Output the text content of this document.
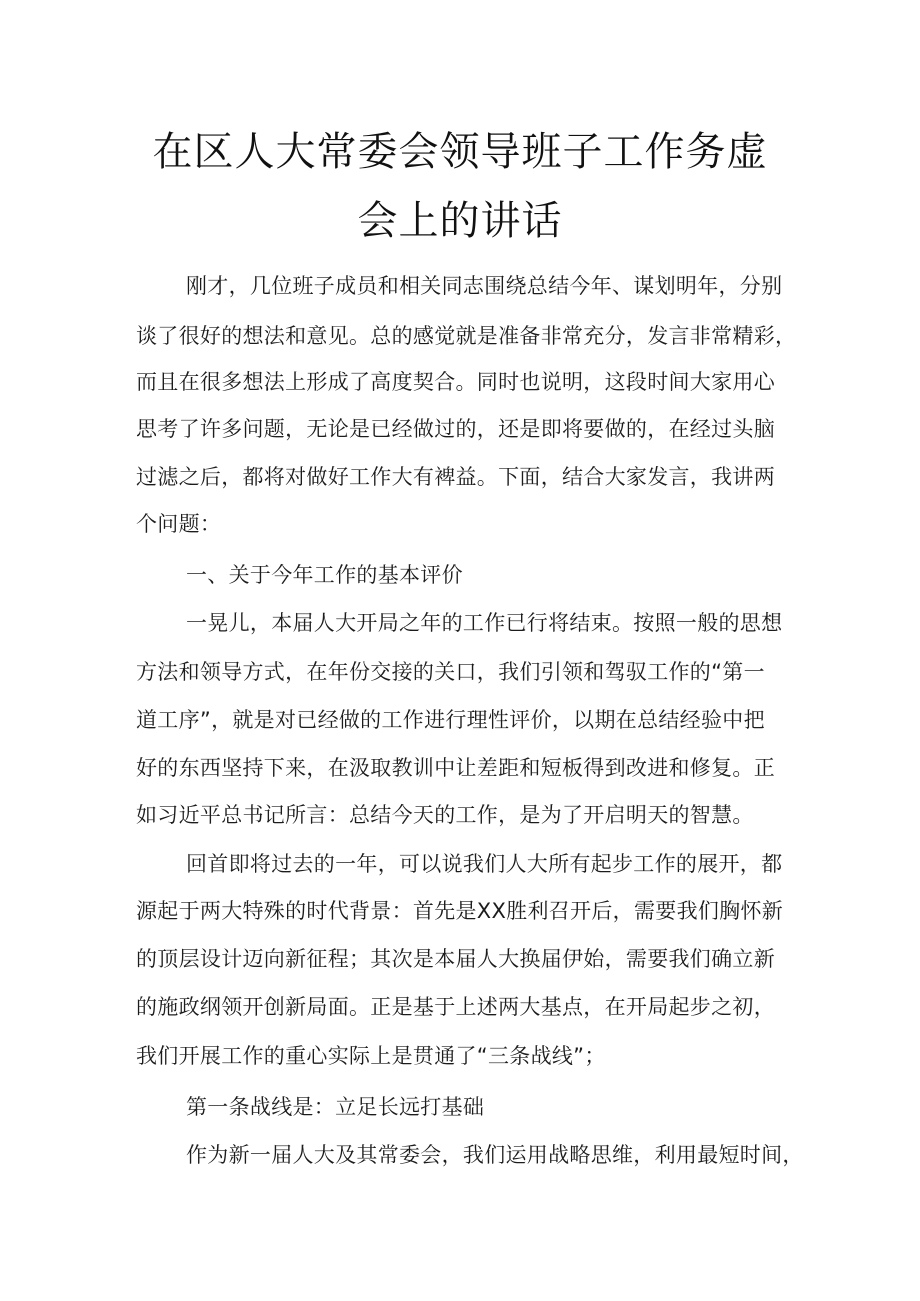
在区人大常委会领导班子工作务虚
会上的讲话
刚才，几位班子成员和相关同志围绕总结今年、谋划明年，分别
谈了很好的想法和意见。总的感觉就是准备非常充分，发言非常精彩，
而且在很多想法上形成了高度契合。同时也说明，这段时间大家用心
思考了许多问题，无论是已经做过的，还是即将要做的，在经过头脑
过滤之后，都将对做好工作大有裨益。下面，结合大家发言，我讲两
个问题：
一、关于今年工作的基本评价
一晃儿，本届人大开局之年的工作已行将结束。按照一般的思想
方法和领导方式，在年份交接的关口，我们引领和驾驭工作的“第一
道工序”，就是对已经做的工作进行理性评价，以期在总结经验中把
好的东西坚持下来，在汲取教训中让差距和短板得到改进和修复。正
如习近平总书记所言：总结今天的工作，是为了开启明天的智慧。
回首即将过去的一年，可以说我们人大所有起步工作的展开，都
源起于两大特殊的时代背景：首先是XX胜利召开后，需要我们胸怀新
的顶层设计迈向新征程；其次是本届人大换届伊始，需要我们确立新
的施政纲领开创新局面。正是基于上述两大基点，在开局起步之初，
我们开展工作的重心实际上是贯通了“三条战线”；
第一条战线是：立足长远打基础
作为新一届人大及其常委会，我们运用战略思维，利用最短时间，
